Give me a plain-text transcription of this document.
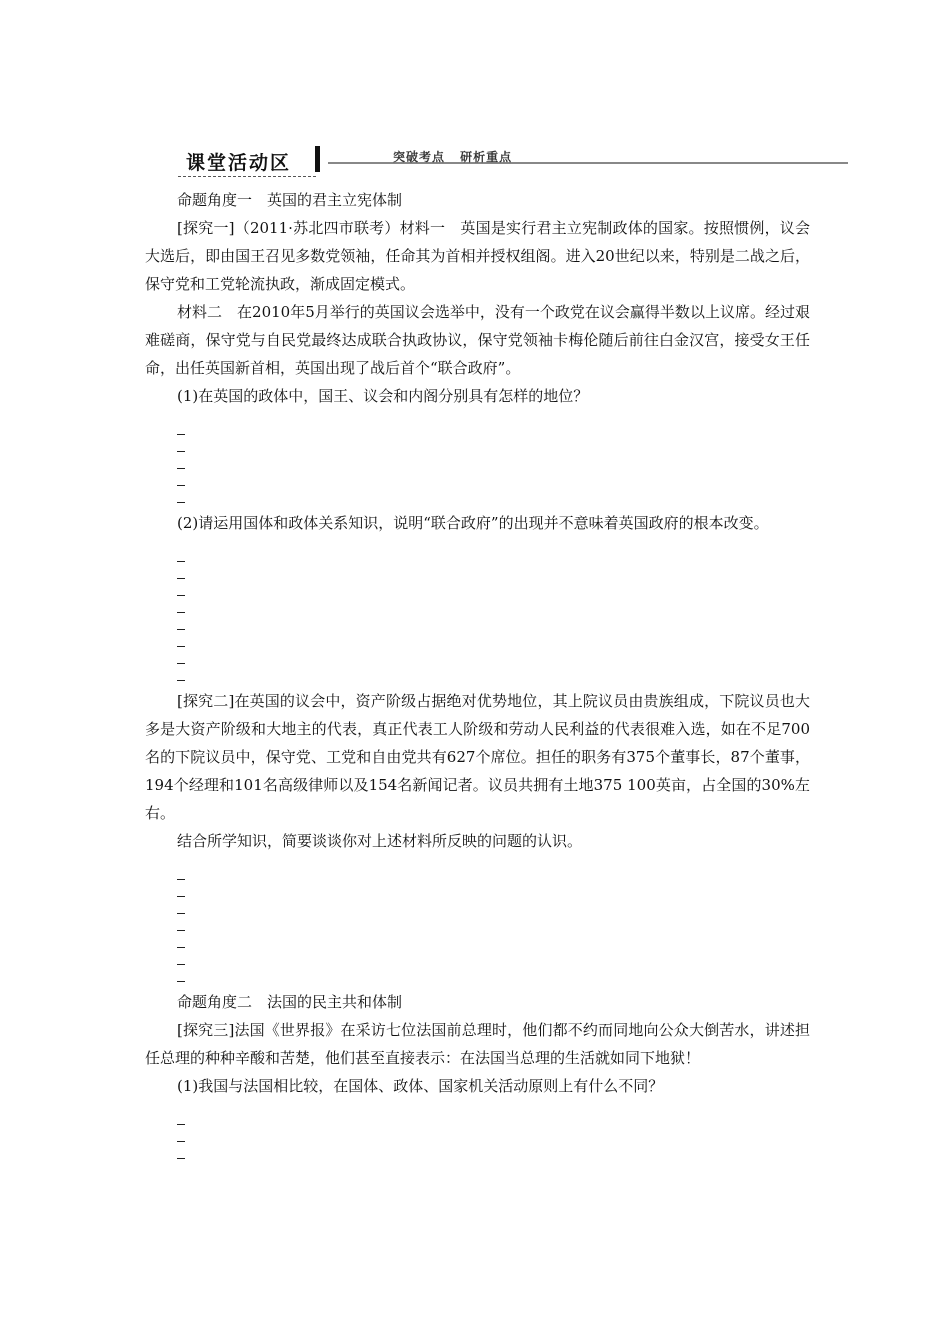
课堂活动区	突破考点 研析重点

命题角度一　英国的君主立宪体制

[探究一]（2011·苏北四市联考）材料一　英国是实行君主立宪制政体的国家。按照惯例，议会大选后，即由国王召见多数党领袖，任命其为首相并授权组阁。进入20世纪以来，特别是二战之后，保守党和工党轮流执政，渐成固定模式。

材料二　在2010年5月举行的英国议会选举中，没有一个政党在议会赢得半数以上议席。经过艰难磋商，保守党与自民党最终达成联合执政协议，保守党领袖卡梅伦随后前往白金汉宫，接受女王任命，出任英国新首相，英国出现了战后首个“联合政府”。

(1)在英国的政体中，国王、议会和内阁分别具有怎样的地位？

(2)请运用国体和政体关系知识，说明“联合政府”的出现并不意味着英国政府的根本改变。

[探究二]在英国的议会中，资产阶级占据绝对优势地位，其上院议员由贵族组成，下院议员也大多是大资产阶级和大地主的代表，真正代表工人阶级和劳动人民利益的代表很难入选，如在不足700名的下院议员中，保守党、工党和自由党共有627个席位。担任的职务有375个董事长，87个董事，194个经理和101名高级律师以及154名新闻记者。议员共拥有土地375 100英亩，占全国的30%左右。

结合所学知识，简要谈谈你对上述材料所反映的问题的认识。

命题角度二　法国的民主共和体制

[探究三]法国《世界报》在采访七位法国前总理时，他们都不约而同地向公众大倒苦水，讲述担任总理的种种辛酸和苦楚，他们甚至直接表示：在法国当总理的生活就如同下地狱！

(1)我国与法国相比较，在国体、政体、国家机关活动原则上有什么不同？
